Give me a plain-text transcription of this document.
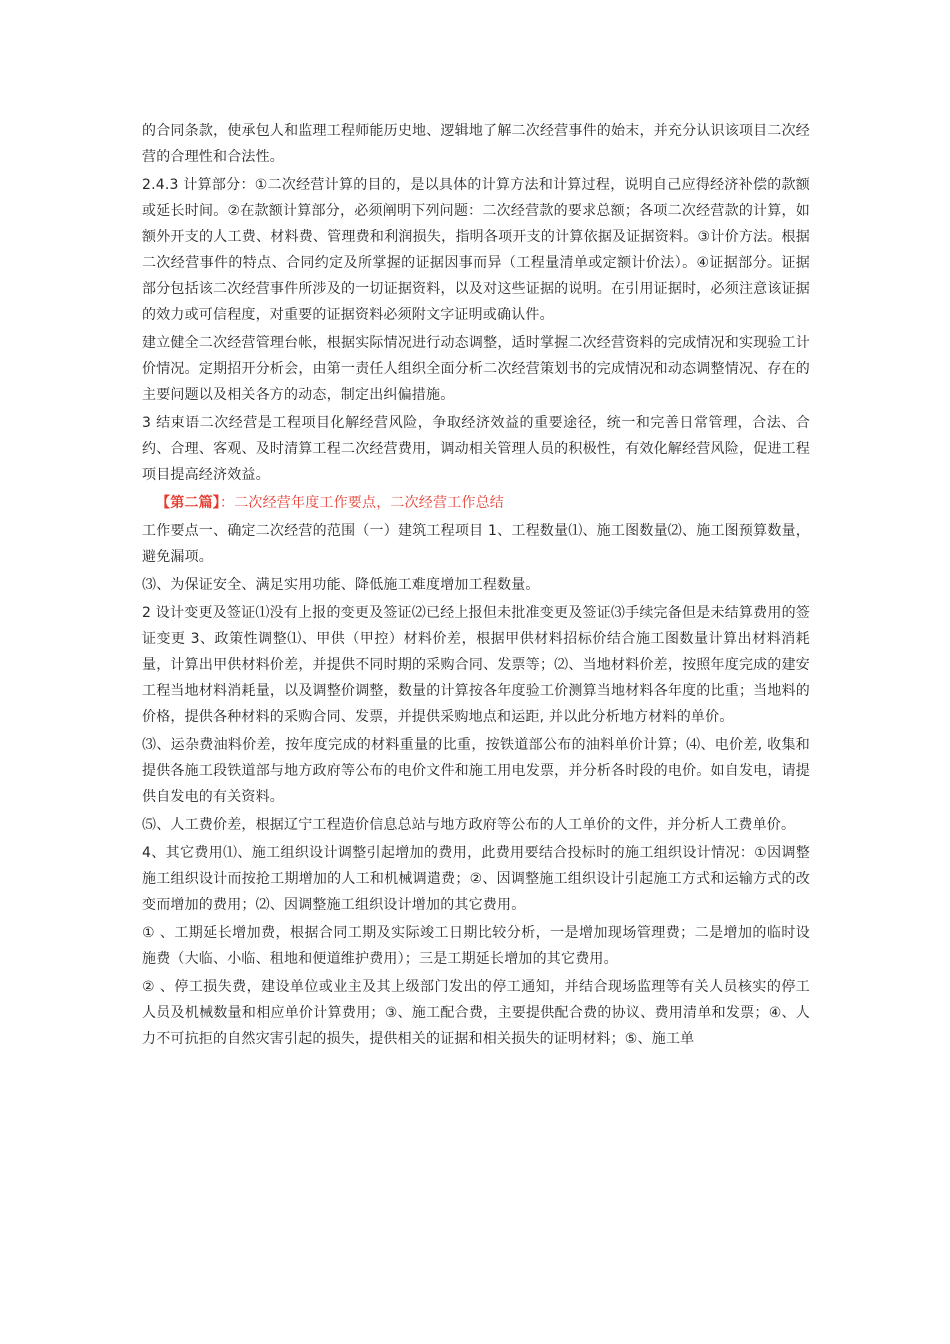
的合同条款，使承包人和监理工程师能历史地、逻辑地了解二次经营事件的始末，并充分认识该项目二次经营的合理性和合法性。

2.4.3 计算部分：①二次经营计算的目的，是以具体的计算方法和计算过程，说明自己应得经济补偿的款额或延长时间。②在款额计算部分，必须阐明下列问题：二次经营款的要求总额；各项二次经营款的计算，如额外开支的人工费、材料费、管理费和利润损失，指明各项开支的计算依据及证据资料。③计价方法。根据二次经营事件的特点、合同约定及所掌握的证据因事而异（工程量清单或定额计价法）。④证据部分。证据部分包括该二次经营事件所涉及的一切证据资料，以及对这些证据的说明。在引用证据时，必须注意该证据的效力或可信程度，对重要的证据资料必须附文字证明或确认件。

建立健全二次经营管理台帐，根据实际情况进行动态调整，适时掌握二次经营资料的完成情况和实现验工计价情况。定期招开分析会，由第一责任人组织全面分析二次经营策划书的完成情况和动态调整情况、存在的主要问题以及相关各方的动态，制定出纠偏措施。

3 结束语二次经营是工程项目化解经营风险，争取经济效益的重要途径，统一和完善日常管理，合法、合约、合理、客观、及时清算工程二次经营费用，调动相关管理人员的积极性，有效化解经营风险，促进工程项目提高经济效益。

【第二篇】：二次经营年度工作要点，二次经营工作总结

工作要点一、确定二次经营的范围（一）建筑工程项目 1、工程数量⑴、施工图数量⑵、施工图预算数量，避免漏项。

⑶、为保证安全、满足实用功能、降低施工难度增加工程数量。

2 设计变更及签证⑴没有上报的变更及签证⑵已经上报但未批准变更及签证⑶手续完备但是未结算费用的签证变更 3、政策性调整⑴、甲供（甲控）材料价差，根据甲供材料招标价结合施工图数量计算出材料消耗量，计算出甲供材料价差，并提供不同时期的采购合同、发票等；⑵、当地材料价差，按照年度完成的建安工程当地材料消耗量，以及调整价调整，数量的计算按各年度验工价测算当地材料各年度的比重；当地料的价格，提供各种材料的采购合同、发票，并提供采购地点和运距, 并以此分析地方材料的单价。

⑶、运杂费油料价差，按年度完成的材料重量的比重，按铁道部公布的油料单价计算；⑷、电价差, 收集和提供各施工段铁道部与地方政府等公布的电价文件和施工用电发票，并分析各时段的电价。如自发电，请提供自发电的有关资料。

⑸、人工费价差，根据辽宁工程造价信息总站与地方政府等公布的人工单价的文件，并分析人工费单价。

4、其它费用⑴、施工组织设计调整引起增加的费用，此费用要结合投标时的施工组织设计情况：①因调整施工组织设计而按抢工期增加的人工和机械调遣费；②、因调整施工组织设计引起施工方式和运输方式的改变而增加的费用；⑵、因调整施工组织设计增加的其它费用。

① 、工期延长增加费，根据合同工期及实际竣工日期比较分析，一是增加现场管理费；二是增加的临时设施费（大临、小临、租地和便道维护费用）；三是工期延长增加的其它费用。

② 、停工损失费，建设单位或业主及其上级部门发出的停工通知，并结合现场监理等有关人员核实的停工人员及机械数量和相应单价计算费用；③、施工配合费，主要提供配合费的协议、费用清单和发票；④、人力不可抗拒的自然灾害引起的损失，提供相关的证据和相关损失的证明材料；⑤、施工单
